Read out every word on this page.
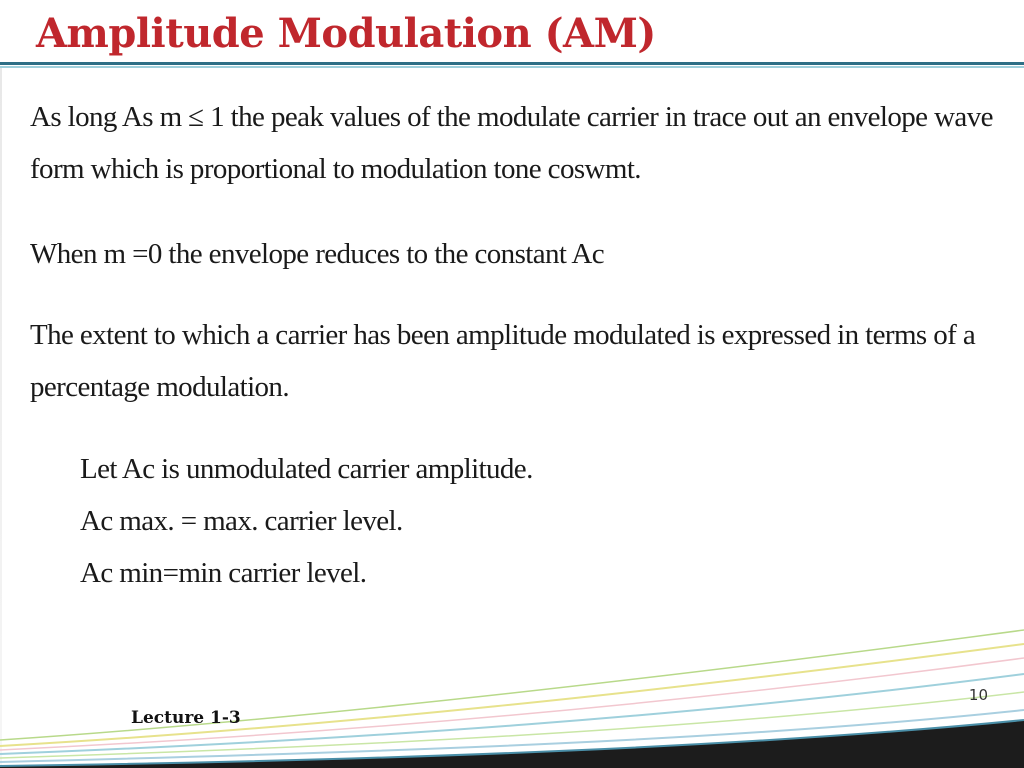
Amplitude Modulation (AM)
As long As m ≤ 1 the peak values of the modulate carrier in trace out an envelope wave
form which is proportional to modulation tone coswmt.
When m =0 the envelope reduces to the constant Ac
The extent to which a carrier has been amplitude modulated is expressed in terms of a
percentage modulation.
Let Ac is unmodulated carrier amplitude.
Ac max. = max. carrier level.
Ac min=min carrier level.
10
Lecture 1-3
